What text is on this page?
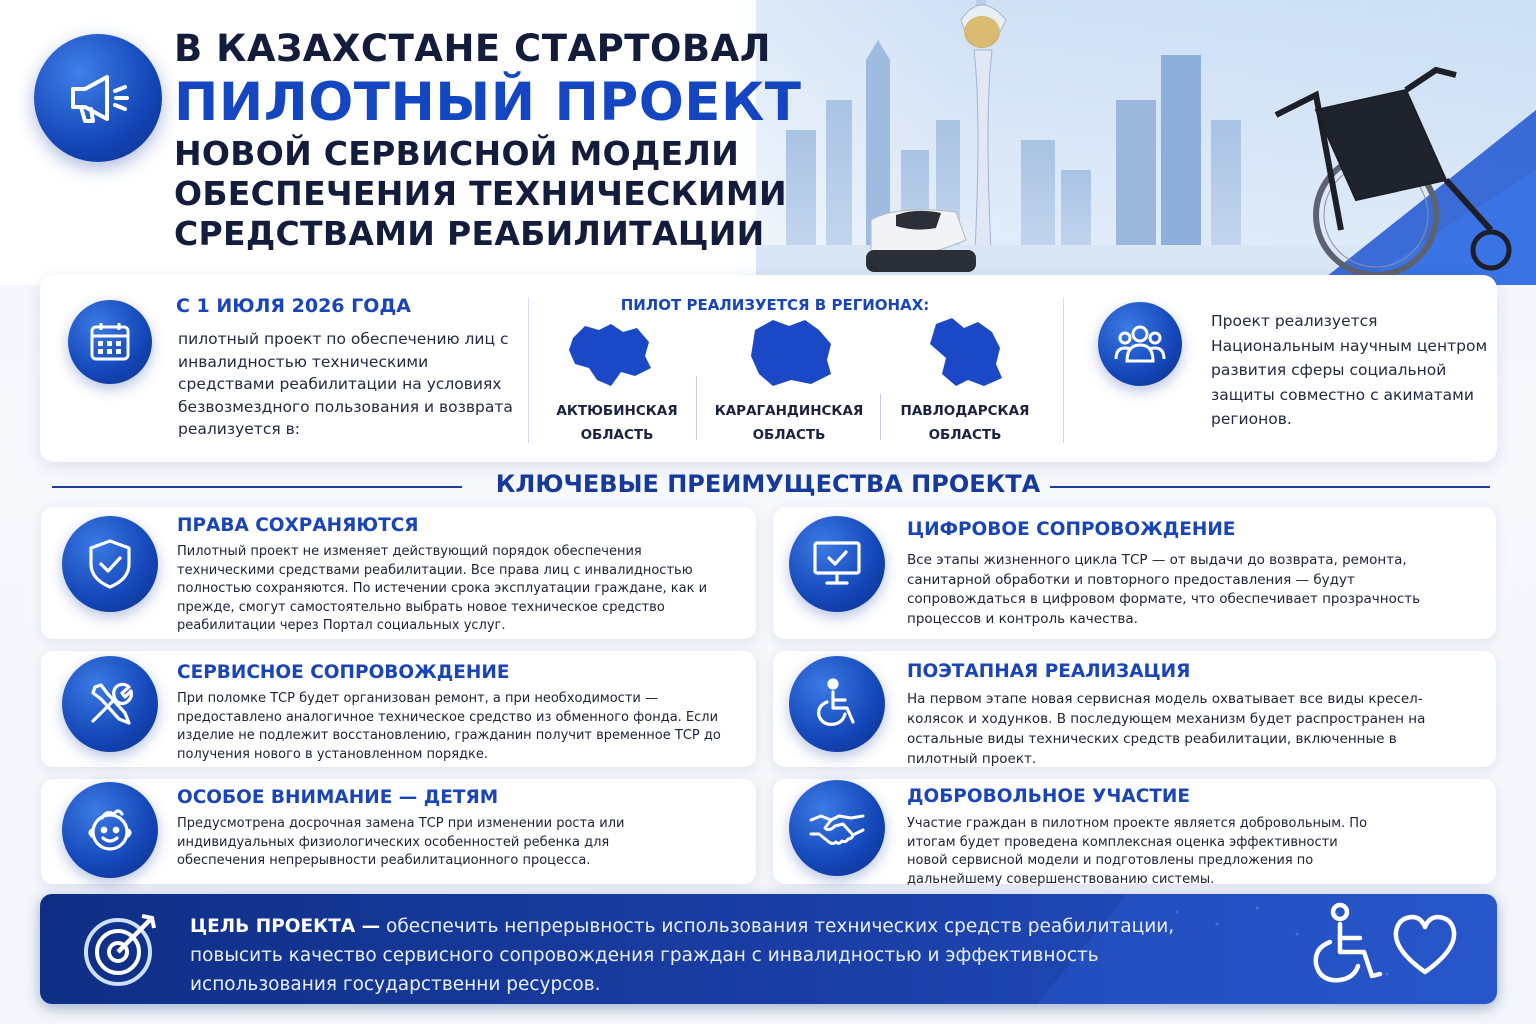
В КАЗАХСТАНЕ СТАРТОВАЛ
ПИЛОТНЫЙ ПРОЕКТ
НОВОЙ СЕРВИСНОЙ МОДЕЛИ
ОБЕСПЕЧЕНИЯ ТЕХНИЧЕСКИМИ
СРЕДСТВАМИ РЕАБИЛИТАЦИИ
С 1 ИЮЛЯ 2026 ГОДА
пилотный проект по обеспечению лиц с инвалидностью техническими средствами реабилитации на условиях безвозмездного пользования и возврата реализуется в:
ПИЛОТ РЕАЛИЗУЕТСЯ В РЕГИОНАХ:
АКТЮБИНСКАЯ
ОБЛАСТЬ
КАРАГАНДИНСКАЯ
ОБЛАСТЬ
ПАВЛОДАРСКАЯ
ОБЛАСТЬ
Проект реализуется Национальным научным центром развития сферы социальной защиты совместно с акиматами регионов.
КЛЮЧЕВЫЕ ПРЕИМУЩЕСТВА ПРОЕКТА
ПРАВА СОХРАНЯЮТСЯ
Пилотный проект не изменяет действующий порядок обеспечения техническими средствами реабилитации. Все права лиц с инвалидностью полностью сохраняются. По истечении срока эксплуатации граждане, как и прежде, смогут самостоятельно выбрать новое техническое средство реабилитации через Портал социальных услуг.
ЦИФРОВОЕ СОПРОВОЖДЕНИЕ
Все этапы жизненного цикла ТСР — от выдачи до возврата, ремонта, санитарной обработки и повторного предоставления — будут сопровождаться в цифровом формате, что обеспечивает прозрачность процессов и контроль качества.
СЕРВИСНОЕ СОПРОВОЖДЕНИЕ
При поломке ТСР будет организован ремонт, а при необходимости — предоставлено аналогичное техническое средство из обменного фонда. Если изделие не подлежит восстановлению, гражданин получит временное ТСР до получения нового в установленном порядке.
ПОЭТАПНАЯ РЕАЛИЗАЦИЯ
На первом этапе новая сервисная модель охватывает все виды кресел-колясок и ходунков. В последующем механизм будет распространен на остальные виды технических средств реабилитации, включенные в пилотный проект.
ОСОБОЕ ВНИМАНИЕ — ДЕТЯМ
Предусмотрена досрочная замена ТСР при изменении роста или индивидуальных физиологических особенностей ребенка для обеспечения непрерывности реабилитационного процесса.
ДОБРОВОЛЬНОЕ УЧАСТИЕ
Участие граждан в пилотном проекте является добровольным. По итогам будет проведена комплексная оценка эффективности новой сервисной модели и подготовлены предложения по дальнейшему совершенствованию системы.
ЦЕЛЬ ПРОЕКТА — обеспечить непрерывность использования технических средств реабилитации, повысить качество сервисного сопровождения граждан с инвалидностью и эффективность использования государственни ресурсов.
